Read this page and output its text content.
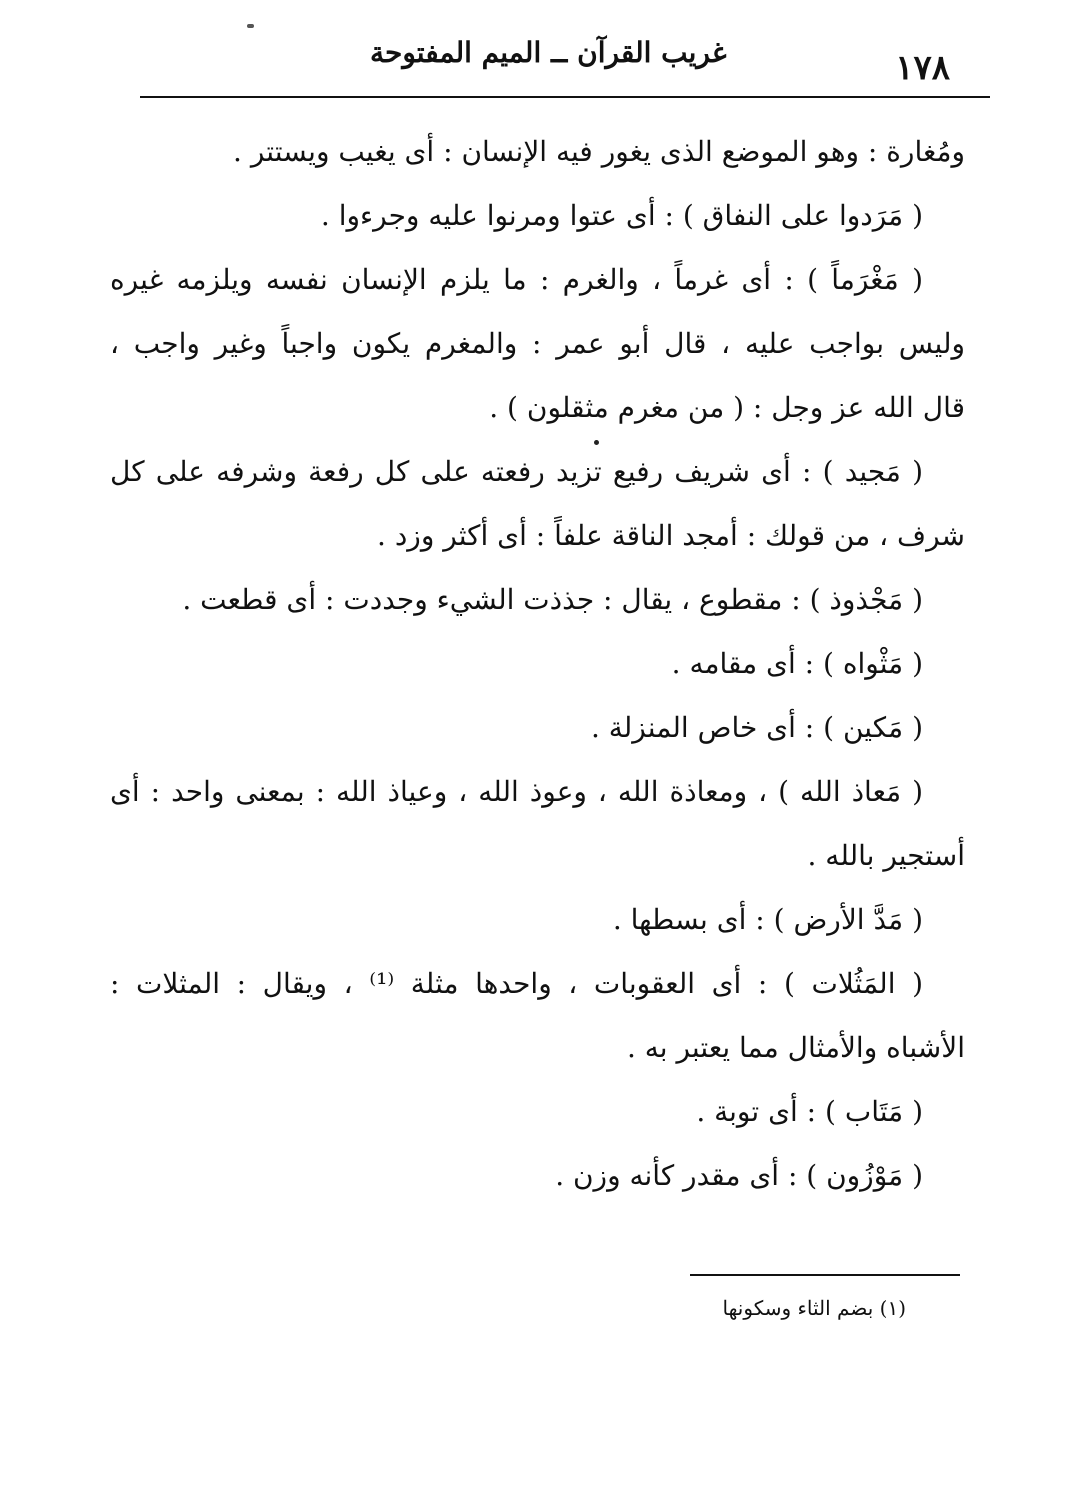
١٧٨
غريب القرآن ــ الميم المفتوحة
ومُغارة : وهو الموضع الذى يغور فيه الإنسان : أى يغيب ويستتر .
( مَرَدوا على النفاق ) : أى عتوا ومرنوا عليه وجرءوا .
( مَغْرَماً ) : أى غرماً ، والغرم : ما يلزم الإنسان نفسه ويلزمه غيره
وليس بواجب عليه ، قال أبو عمر : والمغرم يكون واجباً وغير واجب ،
قال الله عز وجل : ( من مغرم مثقلون ) .
( مَجيد ) : أى شريف رفيع تزيد رفعته على كل رفعة وشرفه على كل
شرف ، من قولك : أمجد الناقة علفاً : أى أكثر وزد .
( مَجْذوذ ) : مقطوع ، يقال : جذذت الشيء وجددت : أى قطعت .
( مَثْواه ) : أى مقامه .
( مَكين ) : أى خاص المنزلة .
( مَعاذ الله ) ، ومعاذة الله ، وعوذ الله ، وعياذ الله : بمعنى واحد : أى
أستجير بالله .
( مَدَّ الأرض ) : أى بسطها .
( المَثُلات ) : أى العقوبات ، واحدها مثلة ⁽¹⁾ ، ويقال : المثلات :
الأشباه والأمثال مما يعتبر به .
( مَتَاب ) : أى توبة .
( مَوْزُون ) : أى مقدر كأنه وزن .
(١) بضم الثاء وسكونها
